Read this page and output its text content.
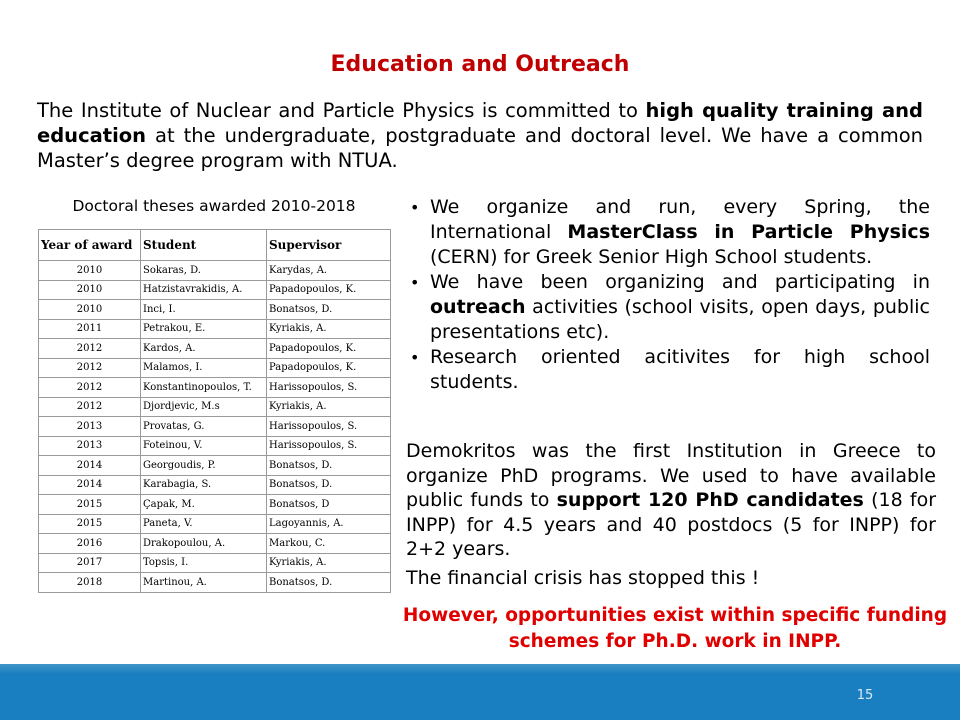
Education and Outreach
The Institute of Nuclear and Particle Physics is committed to high quality training and education at the undergraduate, postgraduate and doctoral level. We have a common Master’s degree program with NTUA.
Doctoral theses awarded 2010-2018
Year of award	Student	Supervisor
2010	Sokaras, D.	Karydas, A.
2010	Hatzistavrakidis, A.	Papadopoulos, K.
2010	Inci, I.	Bonatsos, D.
2011	Petrakou, E.	Kyriakis, A.
2012	Kardos, A.	Papadopoulos, K.
2012	Malamos, I.	Papadopoulos, K.
2012	Konstantinopoulos, T.	Harissopoulos, S.
2012	Djordjevic, M.s	Kyriakis, A.
2013	Provatas, G.	Harissopoulos, S.
2013	Foteinou, V.	Harissopoulos, S.
2014	Georgoudis, P.	Bonatsos, D.
2014	Karabagia, S.	Bonatsos, D.
2015	Çapak, M.	Bonatsos, D
2015	Paneta, V.	Lagoyannis, A.
2016	Drakopoulou, A.	Markou, C.
2017	Topsis, I.	Kyriakis, A.
2018	Martinou, A.	Bonatsos, D.
• We organize and run, every Spring, the International MasterClass in Particle Physics (CERN) for Greek Senior High School students.
• We have been organizing and participating in outreach activities (school visits, open days, public presentations etc).
• Research oriented acitivites for high school students.
Demokritos was the first Institution in Greece to organize PhD programs. We used to have available public funds to support 120 PhD candidates (18 for INPP) for 4.5 years and 40 postdocs (5 for INPP) for 2+2 years.
The financial crisis has stopped this !
However, opportunities exist within specific funding schemes for Ph.D. work in INPP.
15
